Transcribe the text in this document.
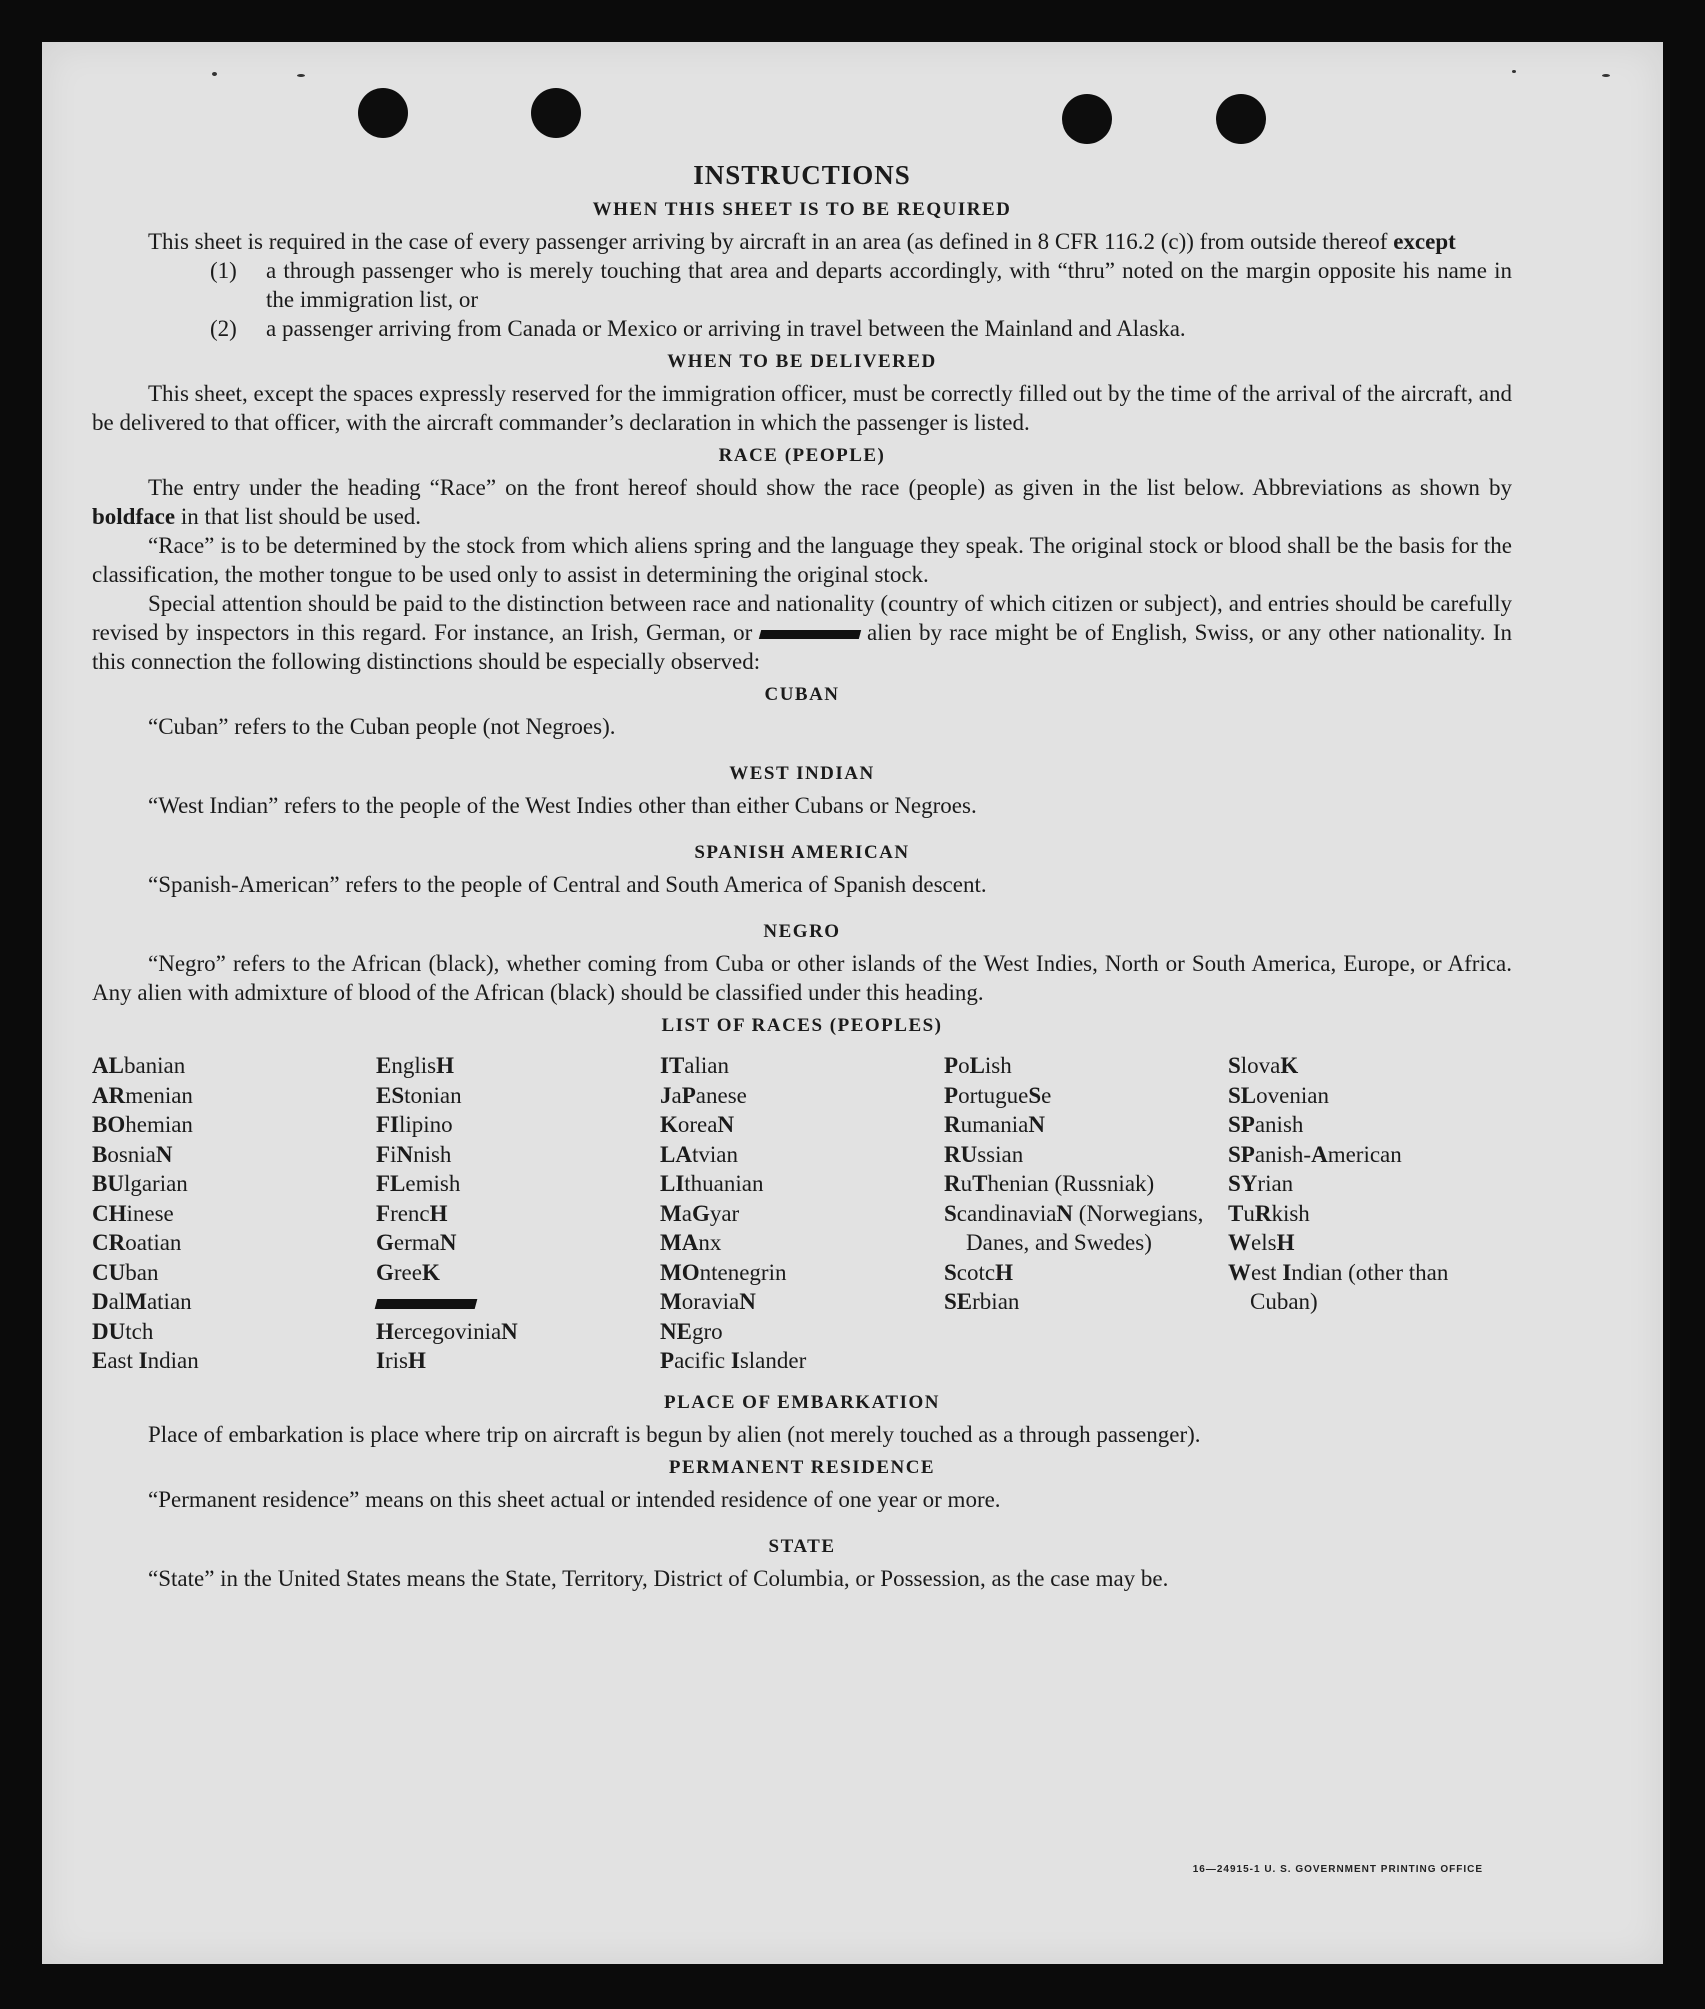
INSTRUCTIONS
WHEN THIS SHEET IS TO BE REQUIRED

This sheet is required in the case of every passenger arriving by aircraft in an area (as defined in 8 CFR 116.2 (c)) from outside thereof except

(1)	a through passenger who is merely touching that area and departs accordingly, with “thru” noted on the margin opposite his name in the immigration list, or
(2)	a passenger arriving from Canada or Mexico or arriving in travel between the Mainland and Alaska.
WHEN TO BE DELIVERED

This sheet, except the spaces expressly reserved for the immigration officer, must be correctly filled out by the time of the arrival of the aircraft, and be delivered to that officer, with the aircraft commander’s declaration in which the passenger is listed.

RACE (PEOPLE)

The entry under the heading “Race” on the front hereof should show the race (people) as given in the list below. Abbreviations as shown by boldface in that list should be used.

“Race” is to be determined by the stock from which aliens spring and the language they speak. The original stock or blood shall be the basis for the classification, the mother tongue to be used only to assist in determining the original stock.

Special attention should be paid to the distinction between race and nationality (country of which citizen or subject), and entries should be carefully revised by inspectors in this regard. For instance, an Irish, German, or	alien by race might be of English, Swiss, or any other nationality. In this connection the following distinctions should be especially observed:

CUBAN

“Cuban” refers to the Cuban people (not Negroes).

WEST INDIAN

“West Indian” refers to the people of the West Indies other than either Cubans or Negroes.

SPANISH AMERICAN

“Spanish-American” refers to the people of Central and South America of Spanish descent.

NEGRO

“Negro” refers to the African (black), whether coming from Cuba or other islands of the West Indies, North or South America, Europe, or Africa. Any alien with admixture of blood of the African (black) should be classified under this heading.

LIST OF RACES (PEOPLES)
ALbanian
ARmenian
BOhemian
BosniaN
BUlgarian
CHinese
CRoatian
CUban
DalMatian
DUtch
East Indian
EnglisH
EStonian
FIlipino
FiNnish
FLemish
FrencH
GermaN
GreeK

HercegoviniaN
IrisH
ITalian
JaPanese
KoreaN
LAtvian
LIthuanian
MaGyar
MAnx
MOntenegrin
MoraviaN
NEgro
Pacific Islander
PoLish
PortugueSe
RumaniaN
RUssian
RuThenian (Russniak)
ScandinaviaN (Norwegians, Danes, and Swedes)
ScotcH
SErbian
SlovaK
SLovenian
SPanish
SPanish-American
SYrian
TuRkish
WelsH
West Indian (other than Cuban)
PLACE OF EMBARKATION

Place of embarkation is place where trip on aircraft is begun by alien (not merely touched as a through passenger).

PERMANENT RESIDENCE

“Permanent residence” means on this sheet actual or intended residence of one year or more.

STATE

“State” in the United States means the State, Territory, District of Columbia, or Possession, as the case may be.

16—24915-1 U. S. GOVERNMENT PRINTING OFFICE
